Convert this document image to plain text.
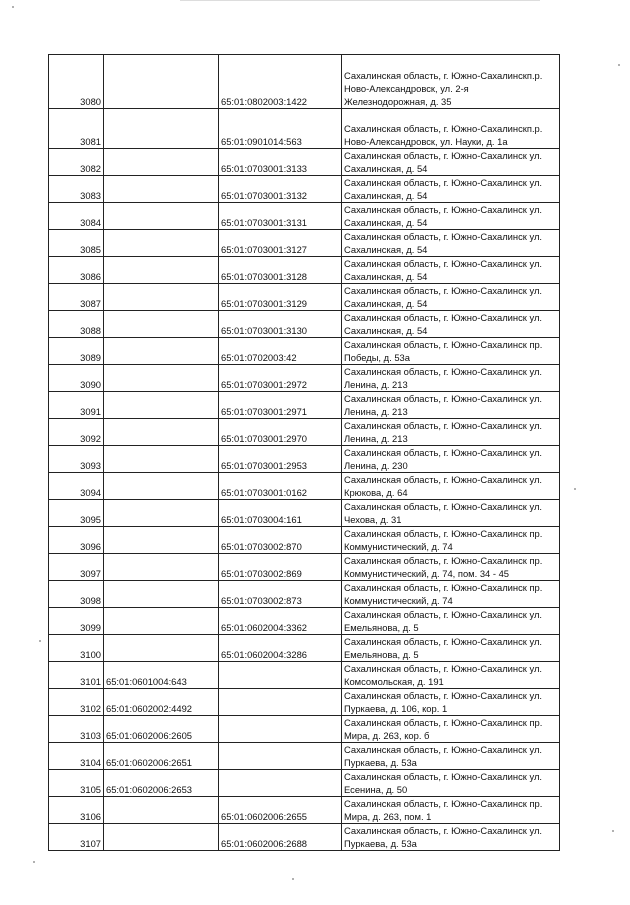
3080		65:01:0802003:1422	Сахалинская область, г. Южно-Сахалинскп.р.
Ново-Александровск, ул. 2-я
Железнодорожная, д. 35

3081		65:01:0901014:563	Сахалинская область, г. Южно-Сахалинскп.р.
Ново-Александровск, ул. Науки, д. 1а

3082		65:01:0703001:3133	Сахалинская область, г. Южно-Сахалинск ул.
Сахалинская, д. 54

3083		65:01:0703001:3132	Сахалинская область, г. Южно-Сахалинск ул.
Сахалинская, д. 54

3084		65:01:0703001:3131	Сахалинская область, г. Южно-Сахалинск ул.
Сахалинская, д. 54

3085		65:01:0703001:3127	Сахалинская область, г. Южно-Сахалинск ул.
Сахалинская, д. 54

3086		65:01:0703001:3128	Сахалинская область, г. Южно-Сахалинск ул.
Сахалинская, д. 54

3087		65:01:0703001:3129	Сахалинская область, г. Южно-Сахалинск ул.
Сахалинская, д. 54

3088		65:01:0703001:3130	Сахалинская область, г. Южно-Сахалинск ул.
Сахалинская, д. 54

3089		65:01:0702003:42	Сахалинская область, г. Южно-Сахалинск пр.
Победы, д. 53а

3090		65:01:0703001:2972	Сахалинская область, г. Южно-Сахалинск ул.
Ленина, д. 213

3091		65:01:0703001:2971	Сахалинская область, г. Южно-Сахалинск ул.
Ленина, д. 213

3092		65:01:0703001:2970	Сахалинская область, г. Южно-Сахалинск ул.
Ленина, д. 213

3093		65:01:0703001:2953	Сахалинская область, г. Южно-Сахалинск ул.
Ленина, д. 230

3094		65:01:0703001:0162	Сахалинская область, г. Южно-Сахалинск ул.
Крюкова, д. 64

3095		65:01:0703004:161	Сахалинская область, г. Южно-Сахалинск ул.
Чехова, д. 31

3096		65:01:0703002:870	Сахалинская область, г. Южно-Сахалинск пр.
Коммунистический, д. 74

3097		65:01:0703002:869	Сахалинская область, г. Южно-Сахалинск пр.
Коммунистический, д. 74, пом. 34 - 45

3098		65:01:0703002:873	Сахалинская область, г. Южно-Сахалинск пр.
Коммунистический, д. 74

3099		65:01:0602004:3362	Сахалинская область, г. Южно-Сахалинск ул.
Емельянова, д. 5

3100		65:01:0602004:3286	Сахалинская область, г. Южно-Сахалинск ул.
Емельянова, д. 5

3101	65:01:0601004:643		Сахалинская область, г. Южно-Сахалинск ул.
Комсомольская, д. 191

3102	65:01:0602002:4492		Сахалинская область, г. Южно-Сахалинск ул.
Пуркаева, д. 106, кор. 1

3103	65:01:0602006:2605		Сахалинская область, г. Южно-Сахалинск пр.
Мира, д. 263, кор. б

3104	65:01:0602006:2651		Сахалинская область, г. Южно-Сахалинск ул.
Пуркаева, д. 53а

3105	65:01:0602006:2653		Сахалинская область, г. Южно-Сахалинск ул.
Есенина, д. 50

3106		65:01:0602006:2655	Сахалинская область, г. Южно-Сахалинск пр.
Мира, д. 263, пом. 1

3107		65:01:0602006:2688	Сахалинская область, г. Южно-Сахалинск ул.
Пуркаева, д. 53а
